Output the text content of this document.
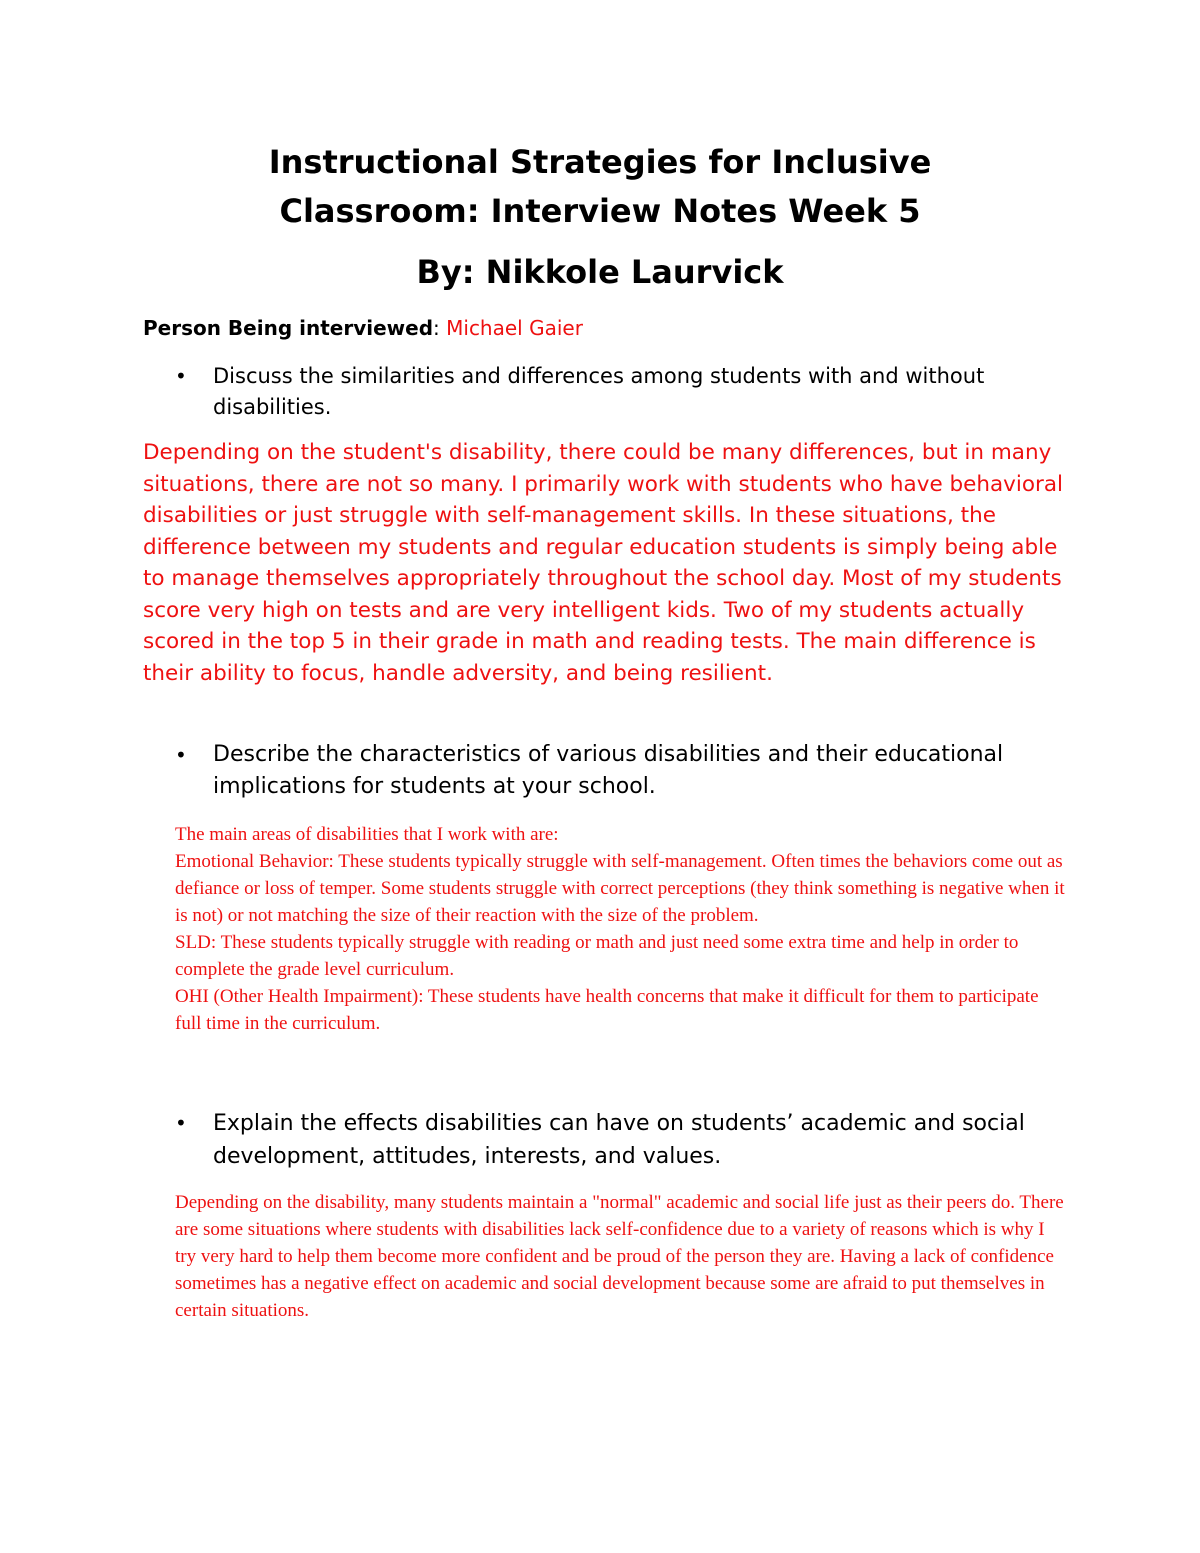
Instructional Strategies for Inclusive
Classroom: Interview Notes Week 5
By: Nikkole Laurvick
Person Being interviewed: Michael Gaier
• Discuss the similarities and differences among students with and without disabilities.
Depending on the student's disability, there could be many differences, but in many situations, there are not so many. I primarily work with students who have behavioral disabilities or just struggle with self-management skills. In these situations, the difference between my students and regular education students is simply being able to manage themselves appropriately throughout the school day. Most of my students score very high on tests and are very intelligent kids. Two of my students actually scored in the top 5 in their grade in math and reading tests. The main difference is their ability to focus, handle adversity, and being resilient.
• Describe the characteristics of various disabilities and their educational implications for students at your school.
The main areas of disabilities that I work with are:
Emotional Behavior: These students typically struggle with self-management. Often times the behaviors come out as defiance or loss of temper. Some students struggle with correct perceptions (they think something is negative when it is not) or not matching the size of their reaction with the size of the problem.
SLD: These students typically struggle with reading or math and just need some extra time and help in order to complete the grade level curriculum.
OHI (Other Health Impairment): These students have health concerns that make it difficult for them to participate full time in the curriculum.
• Explain the effects disabilities can have on students’ academic and social development, attitudes, interests, and values.
Depending on the disability, many students maintain a "normal" academic and social life just as their peers do. There are some situations where students with disabilities lack self-confidence due to a variety of reasons which is why I try very hard to help them become more confident and be proud of the person they are. Having a lack of confidence sometimes has a negative effect on academic and social development because some are afraid to put themselves in certain situations.
